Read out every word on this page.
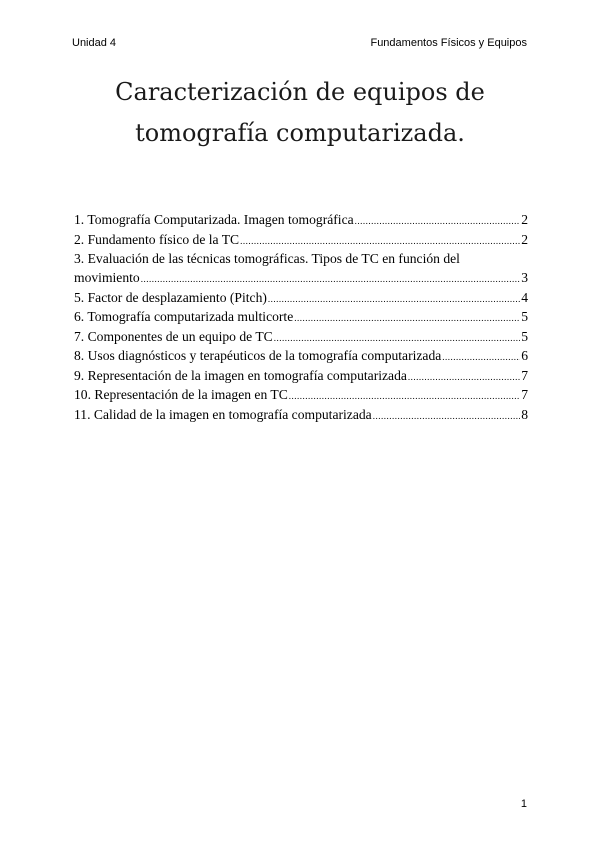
Unidad 4	Fundamentos Físicos y Equipos
Caracterización de equipos de
tomografía computarizada.
1. Tomografía Computarizada. Imagen tomográfica .....	2
2. Fundamento físico de la TC .....	2
3. Evaluación de las técnicas tomográficas. Tipos de TC en función del
movimiento .....	3
5. Factor de desplazamiento (Pitch) .....	4
6. Tomografía computarizada multicorte .....	5
7. Componentes de un equipo de TC .....	5
8. Usos diagnósticos y terapéuticos de la tomografía computarizada .....	6
9. Representación de la imagen en tomografía computarizada .....	7
10. Representación de la imagen en TC .....	7
11. Calidad de la imagen en tomografía computarizada .....	8
1
